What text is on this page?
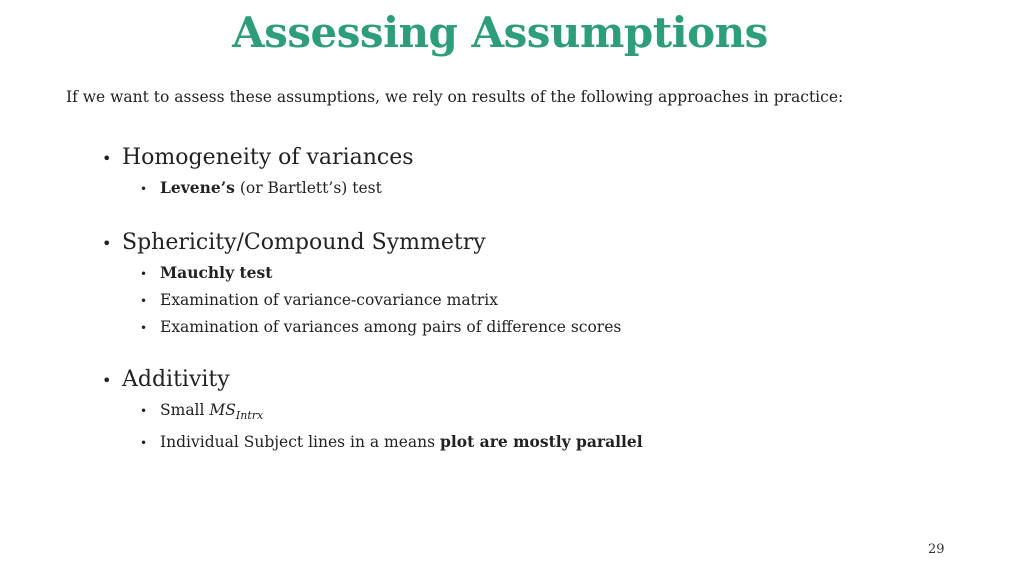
Assessing Assumptions
If we want to assess these assumptions, we rely on results of the following approaches in practice:
• Homogeneity of variances
• Levene’s (or Bartlett’s) test
• Sphericity/Compound Symmetry
• Mauchly test
• Examination of variance-covariance matrix
• Examination of variances among pairs of difference scores
• Additivity
• Small $MS_{Intrx}$
• Individual Subject lines in a means plot are mostly parallel
29
